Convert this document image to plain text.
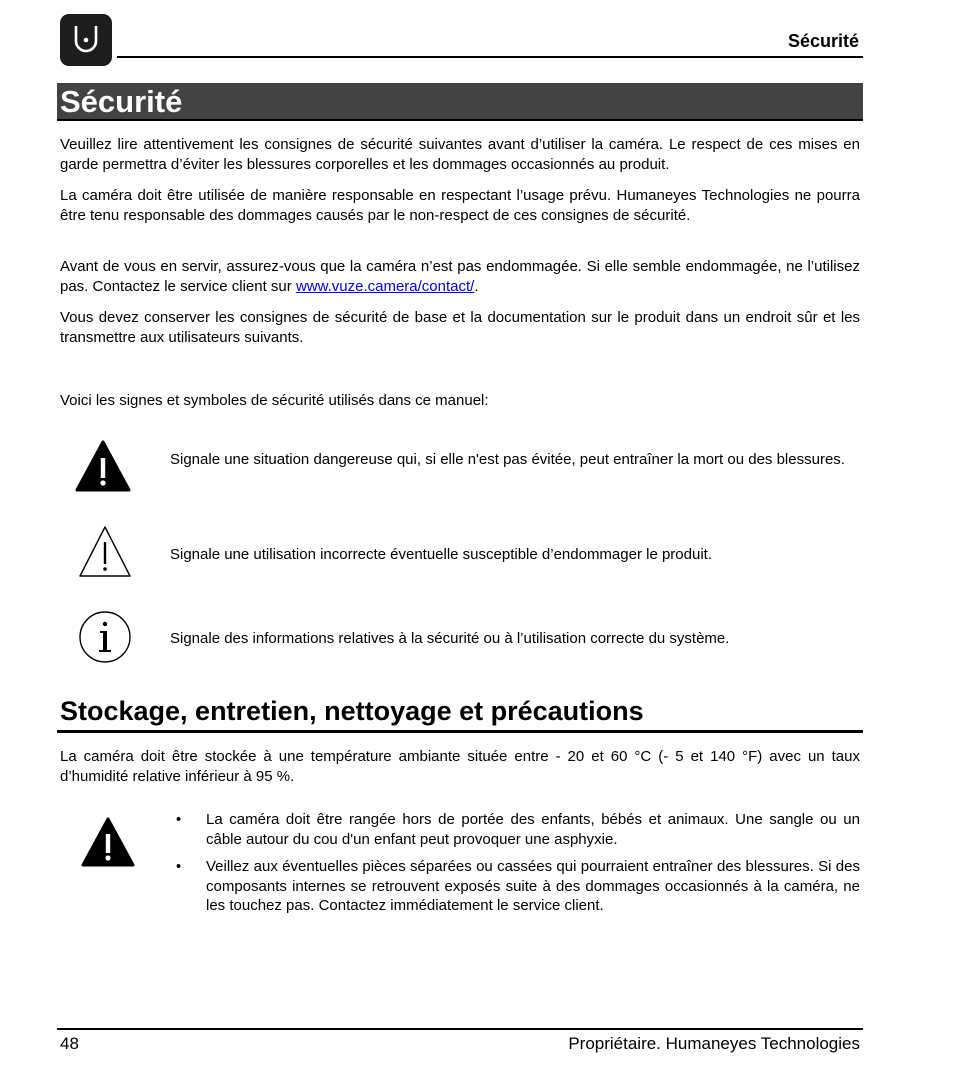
Sécurité
Sécurité

Veuillez lire attentivement les consignes de sécurité suivantes avant d’utiliser la caméra. Le respect de ces mises en garde permettra d’éviter les blessures corporelles et les dommages occasionnés au produit.

La caméra doit être utilisée de manière responsable en respectant l’usage prévu. Humaneyes Technologies ne pourra être tenu responsable des dommages causés par le non-respect de ces consignes de sécurité.

Avant de vous en servir, assurez-vous que la caméra n’est pas endommagée. Si elle semble endommagée, ne l’utilisez pas. Contactez le service client sur www.vuze.camera/contact/.

Vous devez conserver les consignes de sécurité de base et la documentation sur le produit dans un endroit sûr et les transmettre aux utilisateurs suivants.

Voici les signes et symboles de sécurité utilisés dans ce manuel:

Signale une situation dangereuse qui, si elle n'est pas évitée, peut entraîner la mort ou des blessures.

Signale une utilisation incorrecte éventuelle susceptible d’endommager le produit.

Signale des informations relatives à la sécurité ou à l’utilisation correcte du système.

Stockage, entretien, nettoyage et précautions

La caméra doit être stockée à une température ambiante située entre - 20 et 60 °C (- 5 et 140 °F) avec un taux d’humidité relative inférieur à 95 %.

• La caméra doit être rangée hors de portée des enfants, bébés et animaux. Une sangle ou un câble autour du cou d'un enfant peut provoquer une asphyxie.
• Veillez aux éventuelles pièces séparées ou cassées qui pourraient entraîner des blessures. Si des composants internes se retrouvent exposés suite à des dommages occasionnés à la caméra, ne les touchez pas. Contactez immédiatement le service client.
48	Propriétaire. Humaneyes Technologies
